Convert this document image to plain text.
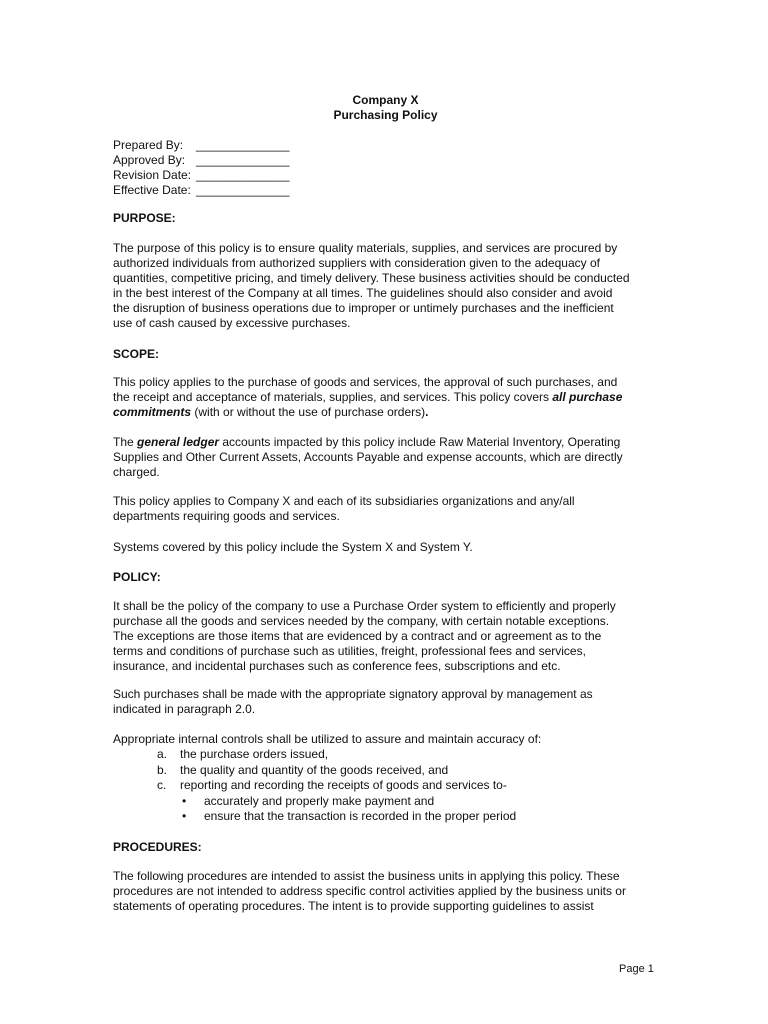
Company X
Purchasing Policy
Prepared By:	______________
Approved By: ______________
Revision Date: ______________
Effective Date: ______________
PURPOSE:
The purpose of this policy is to ensure quality materials, supplies, and services are procured by
authorized individuals from authorized suppliers with consideration given to the adequacy of
quantities, competitive pricing, and timely delivery. These business activities should be conducted
in the best interest of the Company at all times. The guidelines should also consider and avoid
the disruption of business operations due to improper or untimely purchases and the inefficient
use of cash caused by excessive purchases.
SCOPE:
This policy applies to the purchase of goods and services, the approval of such purchases, and
the receipt and acceptance of materials, supplies, and services. This policy covers all purchase
commitments (with or without the use of purchase orders).
The general ledger accounts impacted by this policy include Raw Material Inventory, Operating
Supplies and Other Current Assets, Accounts Payable and expense accounts, which are directly
charged.
This policy applies to Company X and each of its subsidiaries organizations and any/all
departments requiring goods and services.
Systems covered by this policy include the System X and System Y.
POLICY:
It shall be the policy of the company to use a Purchase Order system to efficiently and properly
purchase all the goods and services needed by the company, with certain notable exceptions.
The exceptions are those items that are evidenced by a contract and or agreement as to the
terms and conditions of purchase such as utilities, freight, professional fees and services,
insurance, and incidental purchases such as conference fees, subscriptions and etc.
Such purchases shall be made with the appropriate signatory approval by management as
indicated in paragraph 2.0.
Appropriate internal controls shall be utilized to assure and maintain accuracy of:
a. the purchase orders issued,
b. the quality and quantity of the goods received, and
c. reporting and recording the receipts of goods and services to-
• accurately and properly make payment and
• ensure that the transaction is recorded in the proper period
PROCEDURES:
The following procedures are intended to assist the business units in applying this policy. These
procedures are not intended to address specific control activities applied by the business units or
statements of operating procedures. The intent is to provide supporting guidelines to assist
Page 1
